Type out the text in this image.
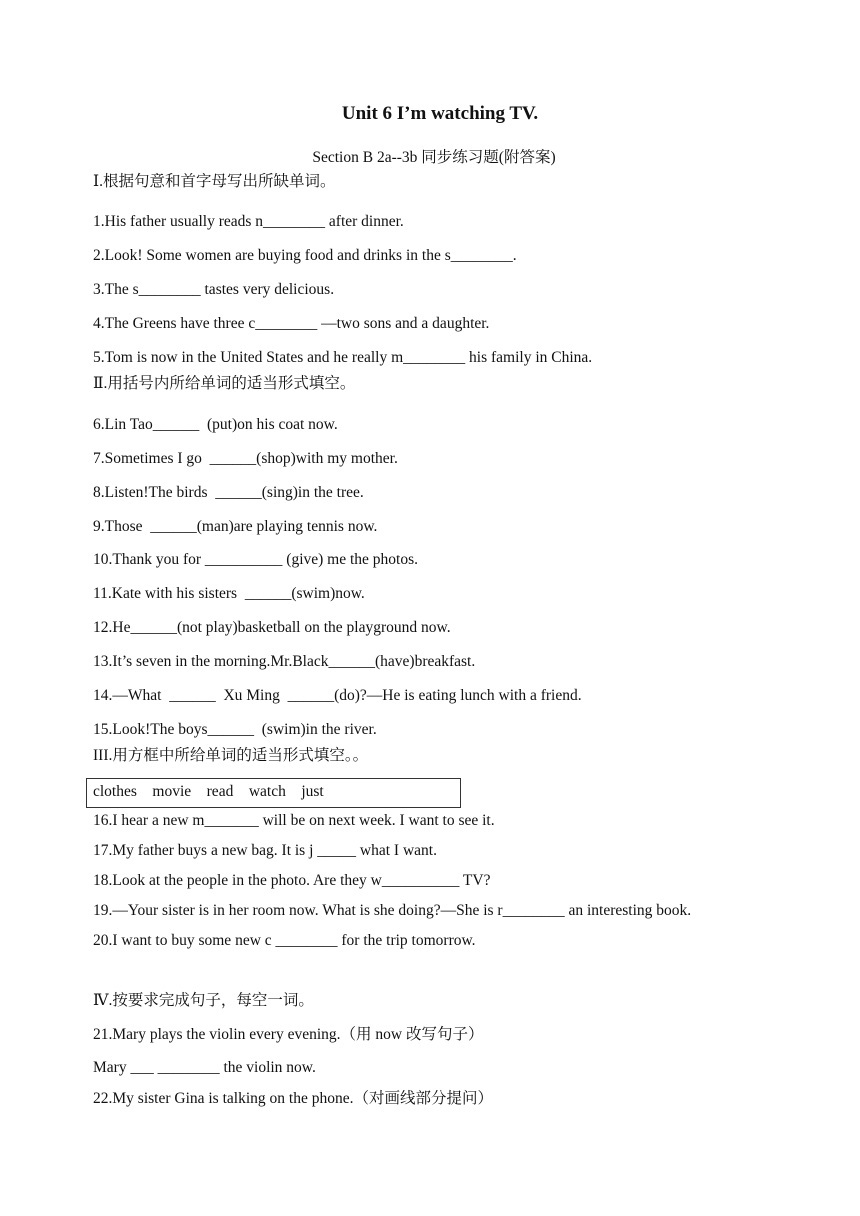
Unit 6 I’m watching TV.
Section B 2a--3b 同步练习题(附答案)
Ⅰ.根据句意和首字母写出所缺单词。
1.His father usually reads n________ after dinner.
2.Look! Some women are buying food and drinks in the s________.
3.The s________ tastes very delicious.
4.The Greens have three c________ —two sons and a daughter.
5.Tom is now in the United States and he really m________ his family in China.
Ⅱ.用括号内所给单词的适当形式填空。
6.Lin Tao______  (put)on his coat now.
7.Sometimes I go  ______(shop)with my mother.
8.Listen!The birds  ______(sing)in the tree.
9.Those  ______(man)are playing tennis now.
10.Thank you for __________ (give) me the photos.
11.Kate with his sisters  ______(swim)now.
12.He______(not play)basketball on the playground now.
13.It’s seven in the morning.Mr.Black______(have)breakfast.
14.—What  ______  Xu Ming  ______(do)?—He is eating lunch with a friend.
15.Look!The boys______  (swim)in the river.
III.用方框中所给单词的适当形式填空。。
clothes    movie    read    watch    just
16.I hear a new m_______ will be on next week. I want to see it.
17.My father buys a new bag. It is j _____ what I want.
18.Look at the people in the photo. Are they w__________ TV?
19.—Your sister is in her room now. What is she doing?—She is r________ an interesting book.
20.I want to buy some new c ________ for the trip tomorrow.
Ⅳ.按要求完成句子，每空一词。
21.Mary plays the violin every evening.（用 now 改写句子）
Mary ___ ________ the violin now.
22.My sister Gina is talking on the phone.（对画线部分提问）
